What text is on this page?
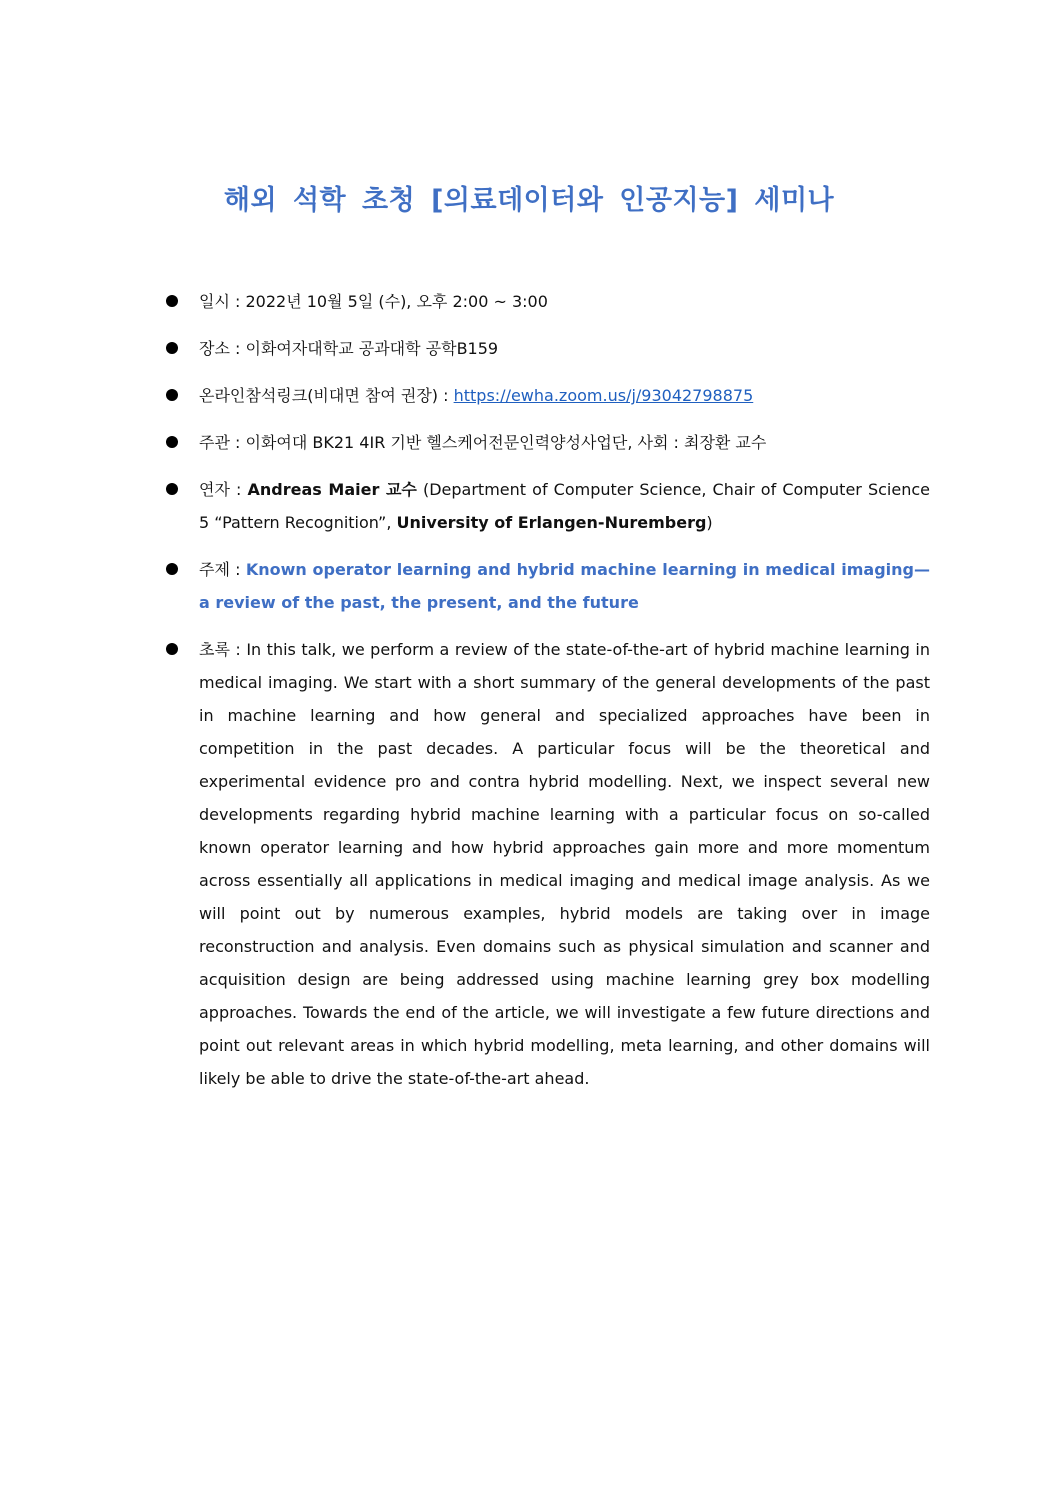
해외 석학 초청 [의료데이터와 인공지능] 세미나
일시 : 2022년 10월 5일 (수), 오후 2:00 ~ 3:00
장소 : 이화여자대학교 공과대학 공학B159
온라인참석링크(비대면 참여 권장) : https://ewha.zoom.us/j/93042798875
주관 : 이화여대 BK21 4IR 기반 헬스케어전문인력양성사업단, 사회 : 최장환 교수
연자 : Andreas Maier 교수 (Department of Computer Science, Chair of Computer Science 5 “Pattern Recognition”, University of Erlangen-Nuremberg)
주제 : Known operator learning and hybrid machine learning in medical imaging—a review of the past, the present, and the future
초록 : In this talk, we perform a review of the state-of-the-art of hybrid machine learning in medical imaging. We start with a short summary of the general developments of the past in machine learning and how general and specialized approaches have been in competition in the past decades. A particular focus will be the theoretical and experimental evidence pro and contra hybrid modelling. Next, we inspect several new developments regarding hybrid machine learning with a particular focus on so-called known operator learning and how hybrid approaches gain more and more momentum across essentially all applications in medical imaging and medical image analysis. As we will point out by numerous examples, hybrid models are taking over in image reconstruction and analysis. Even domains such as physical simulation and scanner and acquisition design are being addressed using machine learning grey box modelling approaches. Towards the end of the article, we will investigate a few future directions and point out relevant areas in which hybrid modelling, meta learning, and other domains will likely be able to drive the state-of-the-art ahead.
